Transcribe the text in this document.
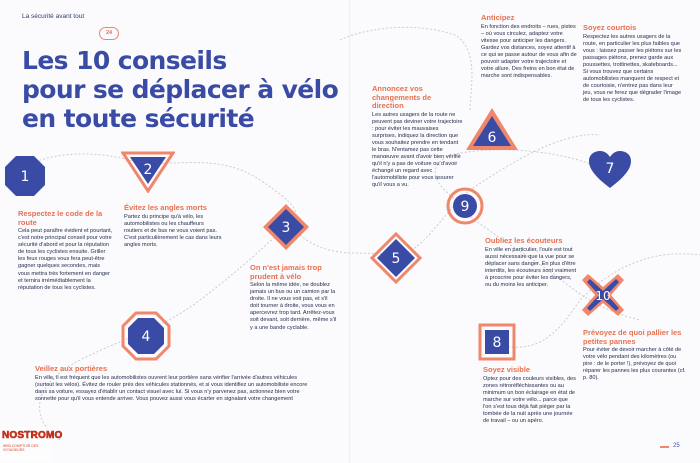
La sécurité avant tout
24
Les 10 conseils
pour se déplacer à vélo
en toute sécurité
1	2
3
4
5
6
7
8
9
10
Respectez le code de la route

Cela peut paraître évident et pourtant, c'est notre principal conseil pour votre sécurité d'abord et pour la réputation de tous les cyclistes ensuite. Griller les feux rouges vous fera peut-être gagner quelques secondes, mais vous mettra très fortement en danger et ternira irrémédiablement la réputation de tous les cyclistes.

Évitez les angles morts

Partez du principe qu'à vélo, les automobilistes ou les chauffeurs routiers et de bus ne vous voient pas. C'est particulièrement le cas dans leurs angles morts.

On n'est jamais trop prudent à vélo

Selon la même idée, ne doublez jamais un bus ou un camion par la droite. Il ne vous voit pas, et s'il doit tourner à droite, vous vous en apercevrez trop tard. Arrêtez-vous soit devant, soit derrière, même s'il y a une bande cyclable.

Veillez aux portières

En ville, il est fréquent que les automobilistes ouvrent leur portière sans vérifier l'arrivée d'autres véhicules (surtout les vélos). Évitez de rouler près des véhicules stationnés, et si vous identifiez un automobiliste encore dans sa voiture, essayez d'établir un contact visuel avec lui. Si vous n'y parvenez pas, actionnez bien votre sonnette pour qu'il vous entende arriver. Vous pouvez aussi vous écarter en signalant votre changement

Annoncez vos changements de direction

Les autres usagers de la route ne peuvent pas deviner votre trajectoire : pour éviter les mauvaises surprises, indiquez la direction que vous souhaitez prendre en tendant le bras. N'entamez pas cette manœuvre avant d'avoir bien vérifié qu'il n'y a pas de voiture ou d'avoir échangé un regard avec l'automobiliste pour vous assurer qu'il vous a vu.

Anticipez

En fonction des endroits – rues, pistes – où vous circulez, adaptez votre vitesse pour anticiper les dangers. Gardez vos distances, soyez attentif à ce qui se passe autour de vous afin de pouvoir adapter votre trajectoire et votre allure. Des freins en bon état de marche sont indispensables.

Soyez courtois

Respectez les autres usagers de la route, en particulier les plus faibles que vous : laissez passer les piétons sur les passages piétons, prenez garde aux poussettes, trottinettes, skateboards... Si vous trouvez que certains automobilistes manquent de respect et de courtoisie, n'entrez pas dans leur jeu, vous ne ferez que dégrader l'image de tous les cyclistes.

Soyez visible

Optez pour des couleurs visibles, des zones rétroréfléchissantes ou au minimum un bon éclairage en état de marche sur votre vélo... parce que l'on s'est tous déjà fait piéger par la tombée de la nuit après une journée de travail – ou un apéro.

Oubliez les écouteurs

En ville en particulier, l'ouïe est tout aussi nécessaire que la vue pour se déplacer sans danger. En plus d'être interdits, les écouteurs sont vraiment à proscrire pour éviter les dangers, ou du moins les anticiper.

Prévoyez de quoi pallier les petites pannes

Pour éviter de devoir marcher à côté de votre vélo pendant des kilomètres (ou pire : de le porter !), prévoyez de quoi réparer les pannes les plus courantes (cf. p. 80).

25
NOSTROMO
WEB COMPTOIR DES VOYAGEURS
